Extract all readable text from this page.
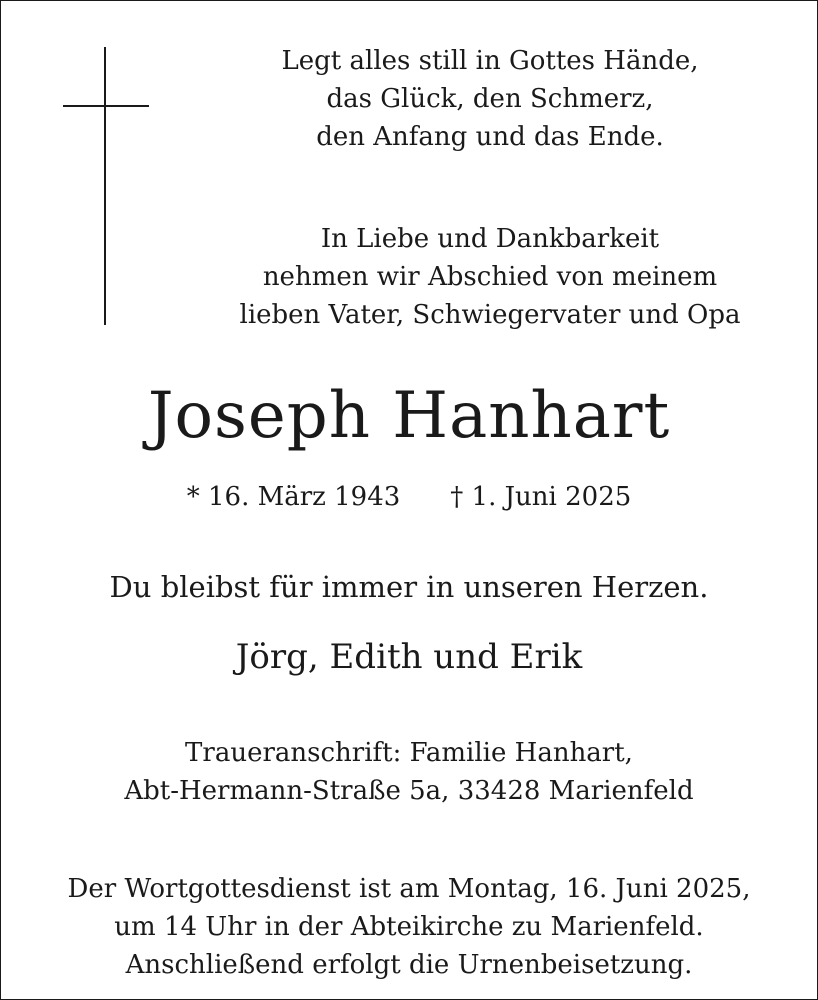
Legt alles still in Gottes Hände,
das Glück, den Schmerz,
den Anfang und das Ende.
In Liebe und Dankbarkeit
nehmen wir Abschied von meinem
lieben Vater, Schwiegervater und Opa
Joseph Hanhart
* 16. März 1943 † 1. Juni 2025
Du bleibst für immer in unseren Herzen.
Jörg, Edith und Erik
Traueranschrift: Familie Hanhart,
Abt-Hermann-Straße 5a, 33428 Marienfeld
Der Wortgottesdienst ist am Montag, 16. Juni 2025,
um 14 Uhr in der Abteikirche zu Marienfeld.
Anschließend erfolgt die Urnenbeisetzung.
